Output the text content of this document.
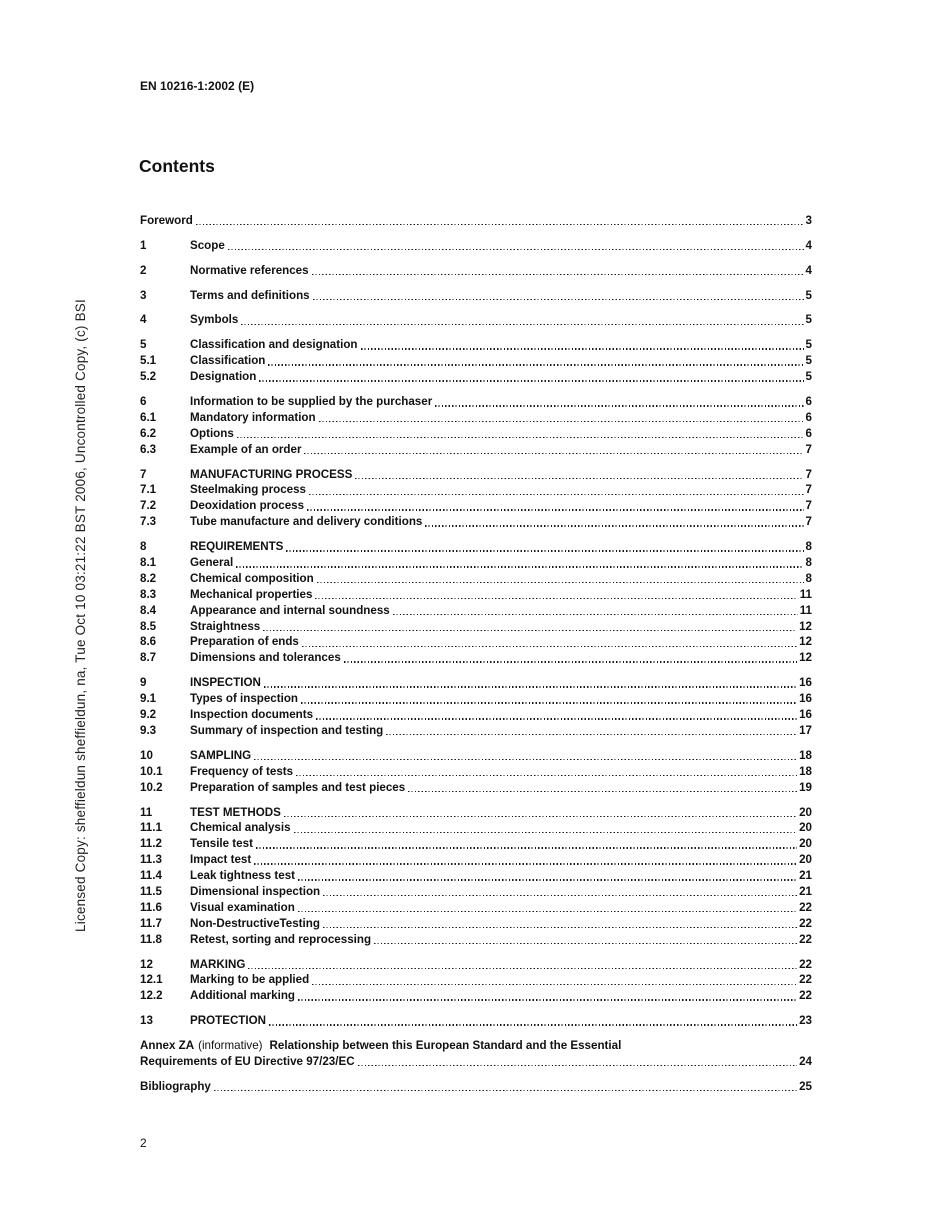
Licensed Copy: sheffieldun sheffieldun, na, Tue Oct 10 03:21:22 BST 2006, Uncontrolled Copy, (c) BSI
EN 10216-1:2002 (E)
Contents
Foreword	3
1	Scope	4
2	Normative references	4
3	Terms and definitions	5
4	Symbols	5
5	Classification and designation	5
5.1	Classification	5
5.2	Designation	5
6	Information to be supplied by the purchaser	6
6.1	Mandatory information	6
6.2	Options	6
6.3	Example of an order	7
7	MANUFACTURING PROCESS	7
7.1	Steelmaking process	7
7.2	Deoxidation process	7
7.3	Tube manufacture and delivery conditions	7
8	REQUIREMENTS	8
8.1	General	8
8.2	Chemical composition	8
8.3	Mechanical properties	11
8.4	Appearance and internal soundness	11
8.5	Straightness	12
8.6	Preparation of ends	12
8.7	Dimensions and tolerances	12
9	INSPECTION	16
9.1	Types of inspection	16
9.2	Inspection documents	16
9.3	Summary of inspection and testing	17
10	SAMPLING	18
10.1	Frequency of tests	18
10.2	Preparation of samples and test pieces	19
11	TEST METHODS	20
11.1	Chemical analysis	20
11.2	Tensile test	20
11.3	Impact test	20
11.4	Leak tightness test	21
11.5	Dimensional inspection	21
11.6	Visual examination	22
11.7	Non-DestructiveTesting	22
11.8	Retest, sorting and reprocessing	22
12	MARKING	22
12.1	Marking to be applied	22
12.2	Additional marking	22
13	PROTECTION	23
Annex ZA (informative) Relationship between this European Standard and the Essential
Requirements of EU Directive 97/23/EC	24
Bibliography	25
2
